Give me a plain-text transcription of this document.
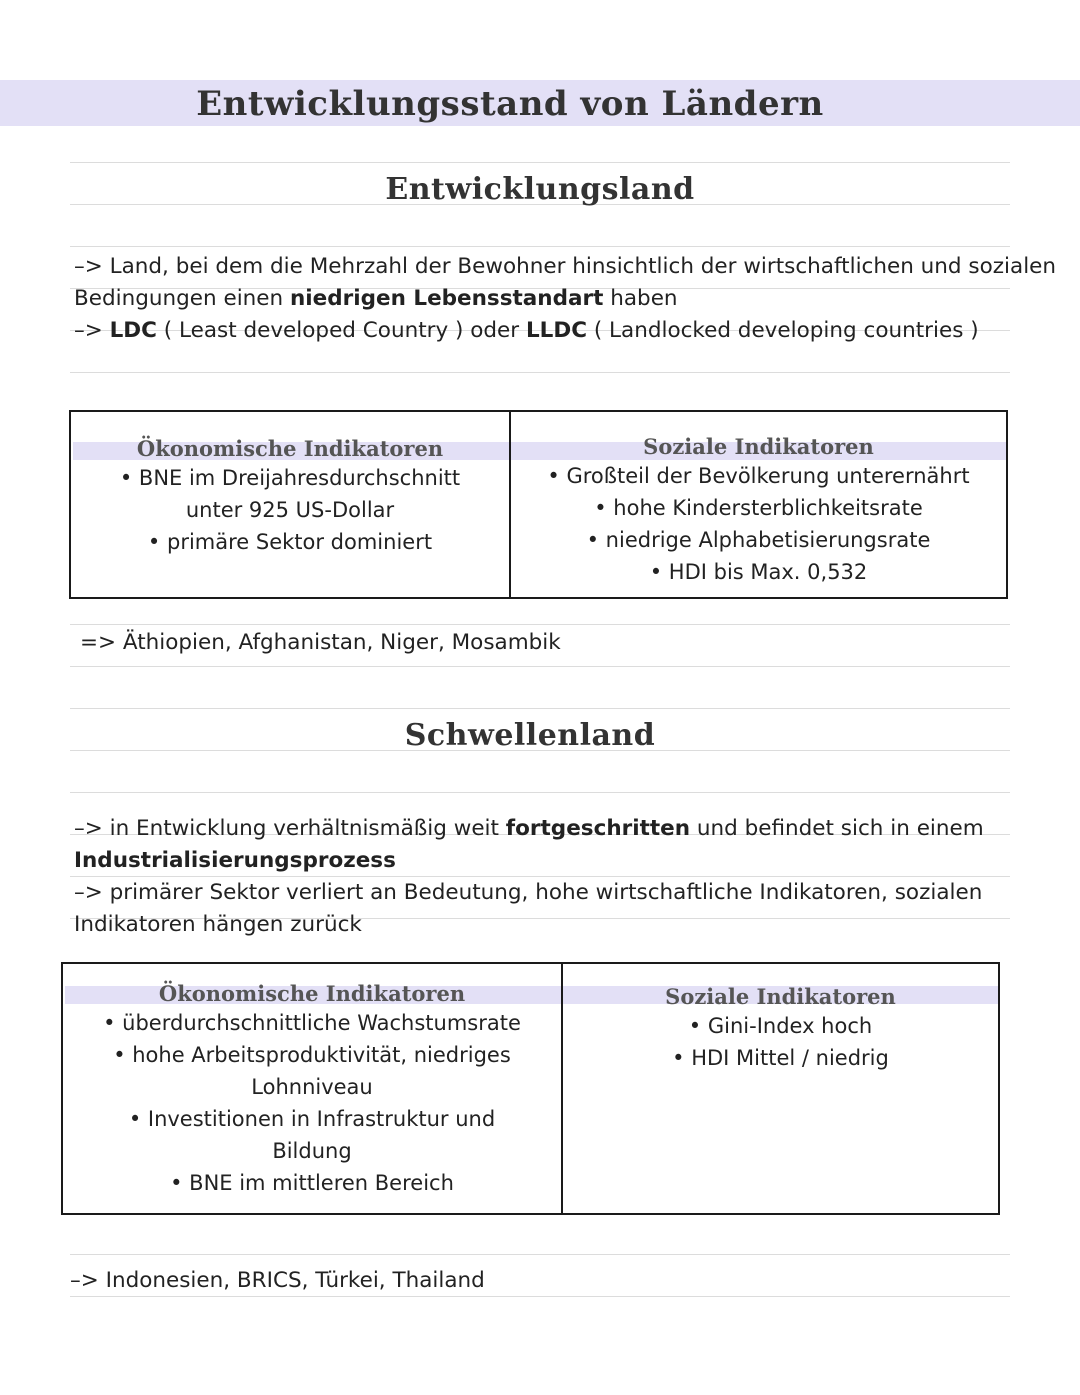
Entwicklungsstand von Ländern
Entwicklungsland
–> Land, bei dem die Mehrzahl der Bewohner hinsichtlich der wirtschaftlichen und sozialen
Bedingungen einen niedrigen Lebensstandart haben
–> LDC ( Least developed Country ) oder LLDC ( Landlocked developing countries )
Ökonomische Indikatoren
• BNE im Dreijahresdurchschnitt
unter 925 US-Dollar
• primäre Sektor dominiert
Soziale Indikatoren
• Großteil der Bevölkerung unterernährt
• hohe Kindersterblichkeitsrate
• niedrige Alphabetisierungsrate
• HDI bis Max. 0,532
=> Äthiopien, Afghanistan, Niger, Mosambik
Schwellenland
–> in Entwicklung verhältnismäßig weit fortgeschritten und befindet sich in einem
Industrialisierungsprozess
–> primärer Sektor verliert an Bedeutung, hohe wirtschaftliche Indikatoren, sozialen
Indikatoren hängen zurück
Ökonomische Indikatoren
• überdurchschnittliche Wachstumsrate
• hohe Arbeitsproduktivität, niedriges
Lohnniveau
• Investitionen in Infrastruktur und
Bildung
• BNE im mittleren Bereich
Soziale Indikatoren
• Gini-Index hoch
• HDI Mittel / niedrig
–> Indonesien, BRICS, Türkei, Thailand
